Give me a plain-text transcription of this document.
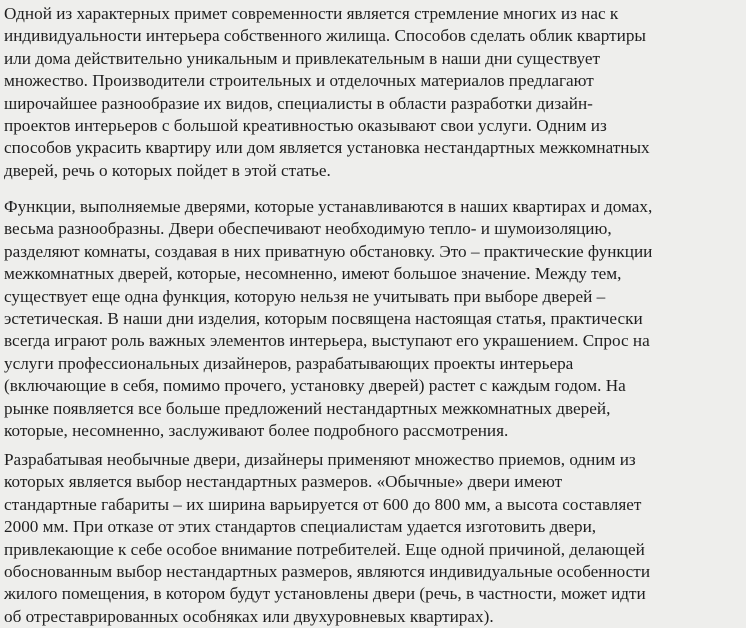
Одной из характерных примет современности является стремление многих из нас к
индивидуальности интерьера собственного жилища. Способов сделать облик квартиры
или дома действительно уникальным и привлекательным в наши дни существует
множество. Производители строительных и отделочных материалов предлагают
широчайшее разнообразие их видов, специалисты в области разработки дизайн-
проектов интерьеров с большой креативностью оказывают свои услуги. Одним из
способов украсить квартиру или дом является установка нестандартных межкомнатных
дверей, речь о которых пойдет в этой статье.
Функции, выполняемые дверями, которые устанавливаются в наших квартирах и домах,
весьма разнообразны. Двери обеспечивают необходимую тепло- и шумоизоляцию,
разделяют комнаты, создавая в них приватную обстановку. Это – практические функции
межкомнатных дверей, которые, несомненно, имеют большое значение. Между тем,
существует еще одна функция, которую нельзя не учитывать при выборе дверей –
эстетическая. В наши дни изделия, которым посвящена настоящая статья, практически
всегда играют роль важных элементов интерьера, выступают его украшением. Спрос на
услуги профессиональных дизайнеров, разрабатывающих проекты интерьера
(включающие в себя, помимо прочего, установку дверей) растет с каждым годом. На
рынке появляется все больше предложений нестандартных межкомнатных дверей,
которые, несомненно, заслуживают более подробного рассмотрения.
Разрабатывая необычные двери, дизайнеры применяют множество приемов, одним из
которых является выбор нестандартных размеров. «Обычные» двери имеют
стандартные габариты – их ширина варьируется от 600 до 800 мм, а высота составляет
2000 мм. При отказе от этих стандартов специалистам удается изготовить двери,
привлекающие к себе особое внимание потребителей. Еще одной причиной, делающей
обоснованным выбор нестандартных размеров, являются индивидуальные особенности
жилого помещения, в котором будут установлены двери (речь, в частности, может идти
об отреставрированных особняках или двухуровневых квартирах).
